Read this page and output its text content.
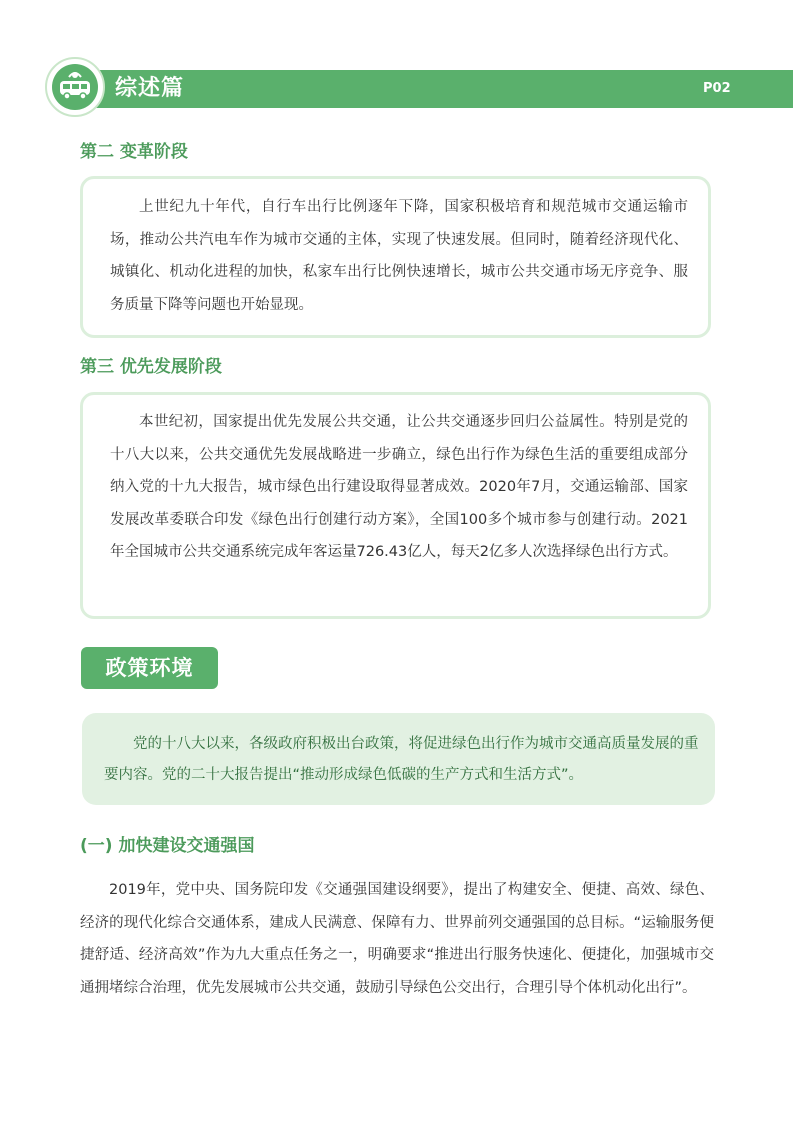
综述篇	P02
第二 变革阶段

上世纪九十年代，自行车出行比例逐年下降，国家积极培育和规范城市交通运输市场，推动公共汽电车作为城市交通的主体，实现了快速发展。但同时，随着经济现代化、城镇化、机动化进程的加快，私家车出行比例快速增长，城市公共交通市场无序竞争、服务质量下降等问题也开始显现。

第三 优先发展阶段

本世纪初，国家提出优先发展公共交通，让公共交通逐步回归公益属性。特别是党的十八大以来，公共交通优先发展战略进一步确立，绿色出行作为绿色生活的重要组成部分纳入党的十九大报告，城市绿色出行建设取得显著成效。2020年7月，交通运输部、国家发展改革委联合印发《绿色出行创建行动方案》，全国100多个城市参与创建行动。2021年全国城市公共交通系统完成年客运量726.43亿人，每天2亿多人次选择绿色出行方式。

政策环境

党的十八大以来，各级政府积极出台政策，将促进绿色出行作为城市交通高质量发展的重要内容。党的二十大报告提出“推动形成绿色低碳的生产方式和生活方式”。

(一) 加快建设交通强国

2019年，党中央、国务院印发《交通强国建设纲要》，提出了构建安全、便捷、高效、绿色、经济的现代化综合交通体系，建成人民满意、保障有力、世界前列交通强国的总目标。“运输服务便捷舒适、经济高效”作为九大重点任务之一，明确要求“推进出行服务快速化、便捷化，加强城市交通拥堵综合治理，优先发展城市公共交通，鼓励引导绿色公交出行，合理引导个体机动化出行”。
